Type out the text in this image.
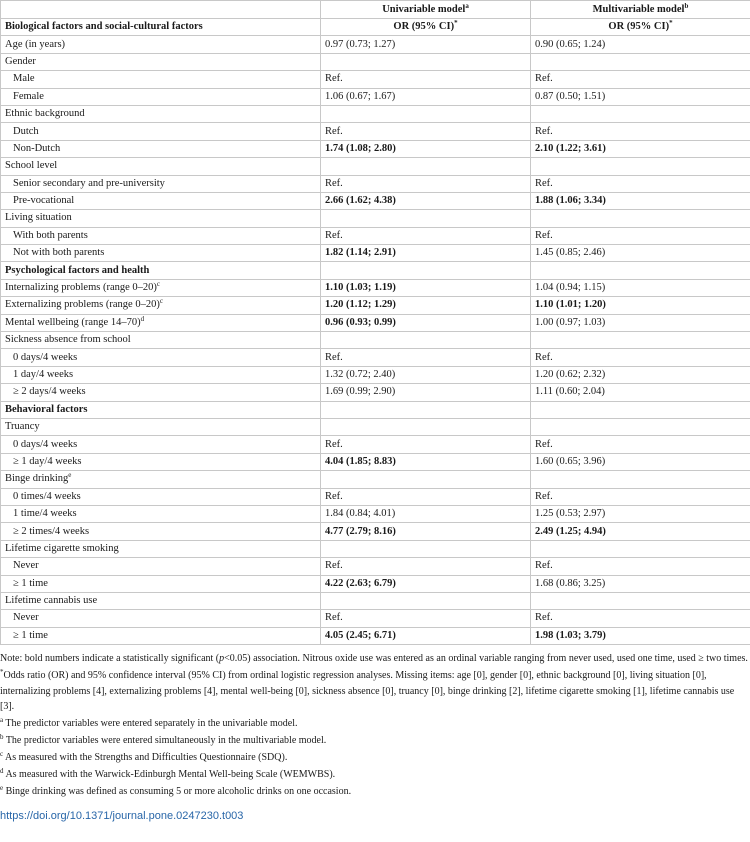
	Univariable model$^a$	Multivariable model$^b$
Biological factors and social-cultural factors	OR (95% CI)*	OR (95% CI)*
Age (in years)	0.97 (0.73; 1.27)	0.90 (0.65; 1.24)
Gender		
Male	Ref.	Ref.
Female	1.06 (0.67; 1.67)	0.87 (0.50; 1.51)
Ethnic background		
Dutch	Ref.	Ref.
Non-Dutch	1.74 (1.08; 2.80)	2.10 (1.22; 3.61)
School level		
Senior secondary and pre-university	Ref.	Ref.
Pre-vocational	2.66 (1.62; 4.38)	1.88 (1.06; 3.34)
Living situation		
With both parents	Ref.	Ref.
Not with both parents	1.82 (1.14; 2.91)	1.45 (0.85; 2.46)
Psychological factors and health		
Internalizing problems (range 0–20)$^c$	1.10 (1.03; 1.19)	1.04 (0.94; 1.15)
Externalizing problems (range 0–20)$^c$	1.20 (1.12; 1.29)	1.10 (1.01; 1.20)
Mental wellbeing (range 14–70)$^d$	0.96 (0.93; 0.99)	1.00 (0.97; 1.03)
Sickness absence from school		
0 days/4 weeks	Ref.	Ref.
1 day/4 weeks	1.32 (0.72; 2.40)	1.20 (0.62; 2.32)
≥ 2 days/4 weeks	1.69 (0.99; 2.90)	1.11 (0.60; 2.04)
Behavioral factors		
Truancy		
0 days/4 weeks	Ref.	Ref.
≥ 1 day/4 weeks	4.04 (1.85; 8.83)	1.60 (0.65; 3.96)
Binge drinking$^e$		
0 times/4 weeks	Ref.	Ref.
1 time/4 weeks	1.84 (0.84; 4.01)	1.25 (0.53; 2.97)
≥ 2 times/4 weeks	4.77 (2.79; 8.16)	2.49 (1.25; 4.94)
Lifetime cigarette smoking		
Never	Ref.	Ref.
≥ 1 time	4.22 (2.63; 6.79)	1.68 (0.86; 3.25)
Lifetime cannabis use		
Never	Ref.	Ref.
≥ 1 time	4.05 (2.45; 6.71)	1.98 (1.03; 3.79)

Note: bold numbers indicate a statistically significant (p<0.05) association. Nitrous oxide use was entered as an ordinal variable ranging from never used, used one time, used ≥ two times.

*Odds ratio (OR) and 95% confidence interval (95% CI) from ordinal logistic regression analyses. Missing items: age [0], gender [0], ethnic background [0], living situation [0], internalizing problems [4], externalizing problems [4], mental well-being [0], sickness absence [0], truancy [0], binge drinking [2], lifetime cigarette smoking [1], lifetime cannabis use [3].

$^a$ The predictor variables were entered separately in the univariable model.

$^b$ The predictor variables were entered simultaneously in the multivariable model.

$^c$ As measured with the Strengths and Difficulties Questionnaire (SDQ).

$^d$ As measured with the Warwick-Edinburgh Mental Well-being Scale (WEMWBS).

$^e$ Binge drinking was defined as consuming 5 or more alcoholic drinks on one occasion.

https://doi.org/10.1371/journal.pone.0247230.t003
